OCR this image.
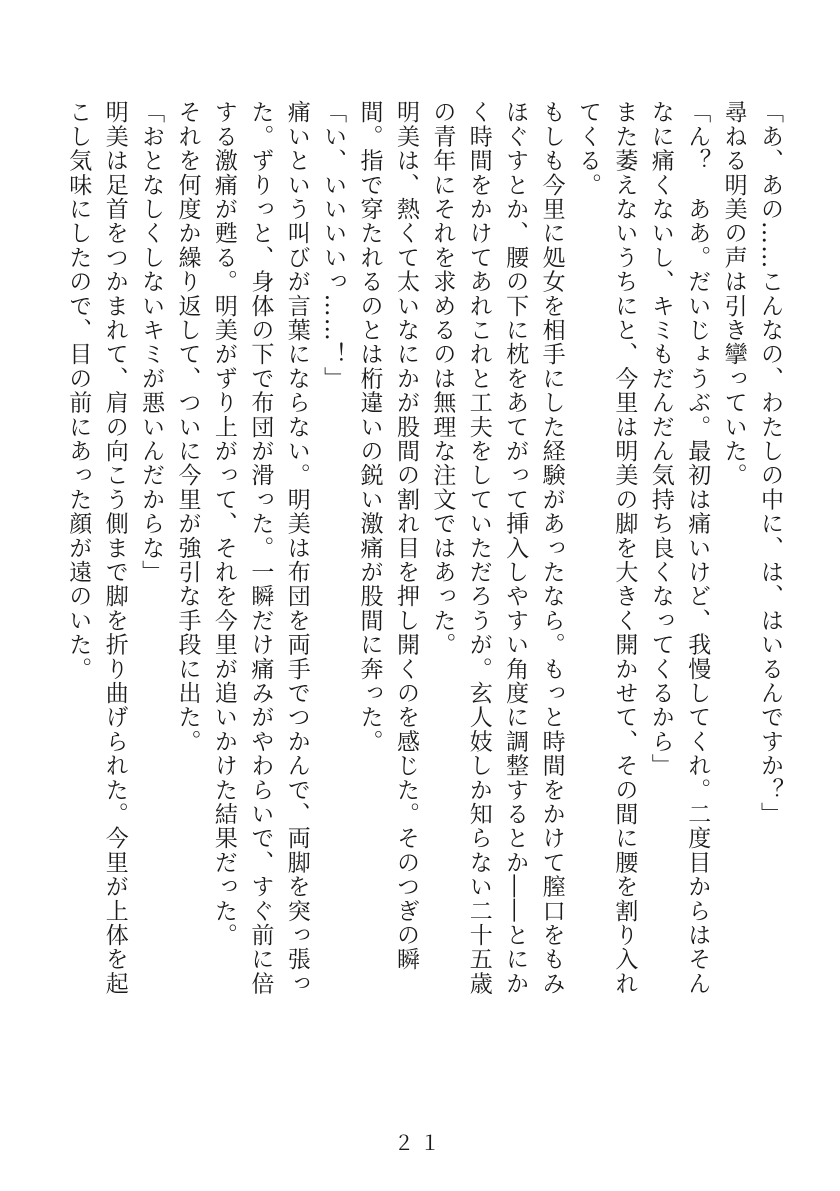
「あ、あの……こんなの、わたしの中に、は、はいるんですか？」

尋ねる明美の声は引き攣っていた。

「ん？　ああ。だいじょうぶ。最初は痛いけど、我慢してくれ。二度目からはそんなに痛くないし、キミもだんだん気持ち良くなってくるから」

また萎えないうちにと、今里は明美の脚を大きく開かせて、その間に腰を割り入れてくる。

もしも今里に処女を相手にした経験があったなら。もっと時間をかけて膣口をもみほぐすとか、腰の下に枕をあてがって挿入しやすい角度に調整するとか――とにかく時間をかけてあれこれと工夫をしていただろうが。玄人妓しか知らない二十五歳の青年にそれを求めるのは無理な注文ではあった。

明美は、熱くて太いなにかが股間の割れ目を押し開くのを感じた。そのつぎの瞬間。指で穿たれるのとは桁違いの鋭い激痛が股間に奔った。

「い、いいいいっ……！」

痛いという叫びが言葉にならない。明美は布団を両手でつかんで、両脚を突っ張った。ずりっと、身体の下で布団が滑った。一瞬だけ痛みがやわらいで、すぐ前に倍する激痛が甦る。明美がずり上がって、それを今里が追いかけた結果だった。

それを何度か繰り返して、ついに今里が強引な手段に出た。

「おとなしくしないキミが悪いんだからな」

明美は足首をつかまれて、肩の向こう側まで脚を折り曲げられた。今里が上体を起こし気味にしたので、目の前にあった顔が遠のいた。

２１
